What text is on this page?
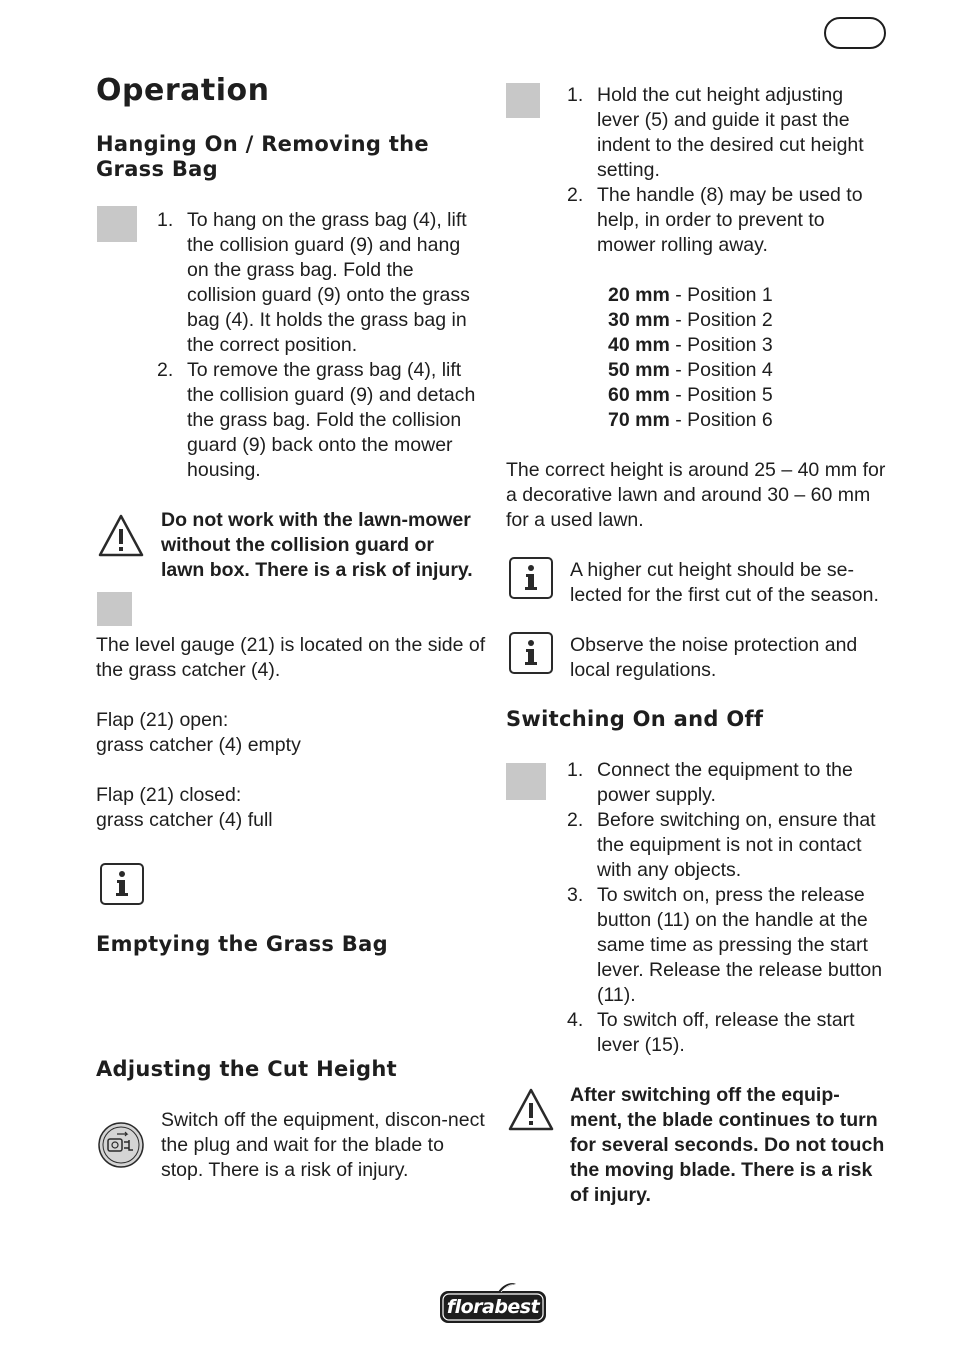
Operation
Hanging On / Removing the Grass Bag
1. To hang on the grass bag (4), lift the collision guard (9) and hang on the grass bag. Fold the collision guard (9) onto the grass bag (4). It holds the grass bag in the correct position.
2. To remove the grass bag (4), lift the collision guard (9) and detach the grass bag. Fold the collision guard (9) back onto the mower housing.
Do not work with the lawn-mower without the collision guard or lawn box. There is a risk of injury.
The level gauge (21) is located on the side of the grass catcher (4).
Flap (21) open:
grass catcher (4) empty
Flap (21) closed:
grass catcher (4) full
Emptying the Grass Bag
Adjusting the Cut Height
Switch off the equipment, discon-nect the plug and wait for the blade to stop. There is a risk of injury.
1. Hold the cut height adjusting lever (5) and guide it past the indent to the desired cut height setting.
2. The handle (8) may be used to help, in order to prevent to mower rolling away.
20 mm - Position 1
30 mm - Position 2
40 mm - Position 3
50 mm - Position 4
60 mm - Position 5
70 mm - Position 6
The correct height is around 25 – 40 mm for a decorative lawn and around 30 – 60 mm for a used lawn.
A higher cut height should be se-lected for the first cut of the season.
Observe the noise protection and local regulations.
Switching On and Off
1. Connect the equipment to the power supply.
2. Before switching on, ensure that the equipment is not in contact with any objects.
3. To switch on, press the release button (11) on the handle at the same time as pressing the start lever. Release the release button (11).
4. To switch off, release the start lever (15).
After switching off the equip-ment, the blade continues to turn for several seconds. Do not touch the moving blade. There is a risk of injury.
florabest
